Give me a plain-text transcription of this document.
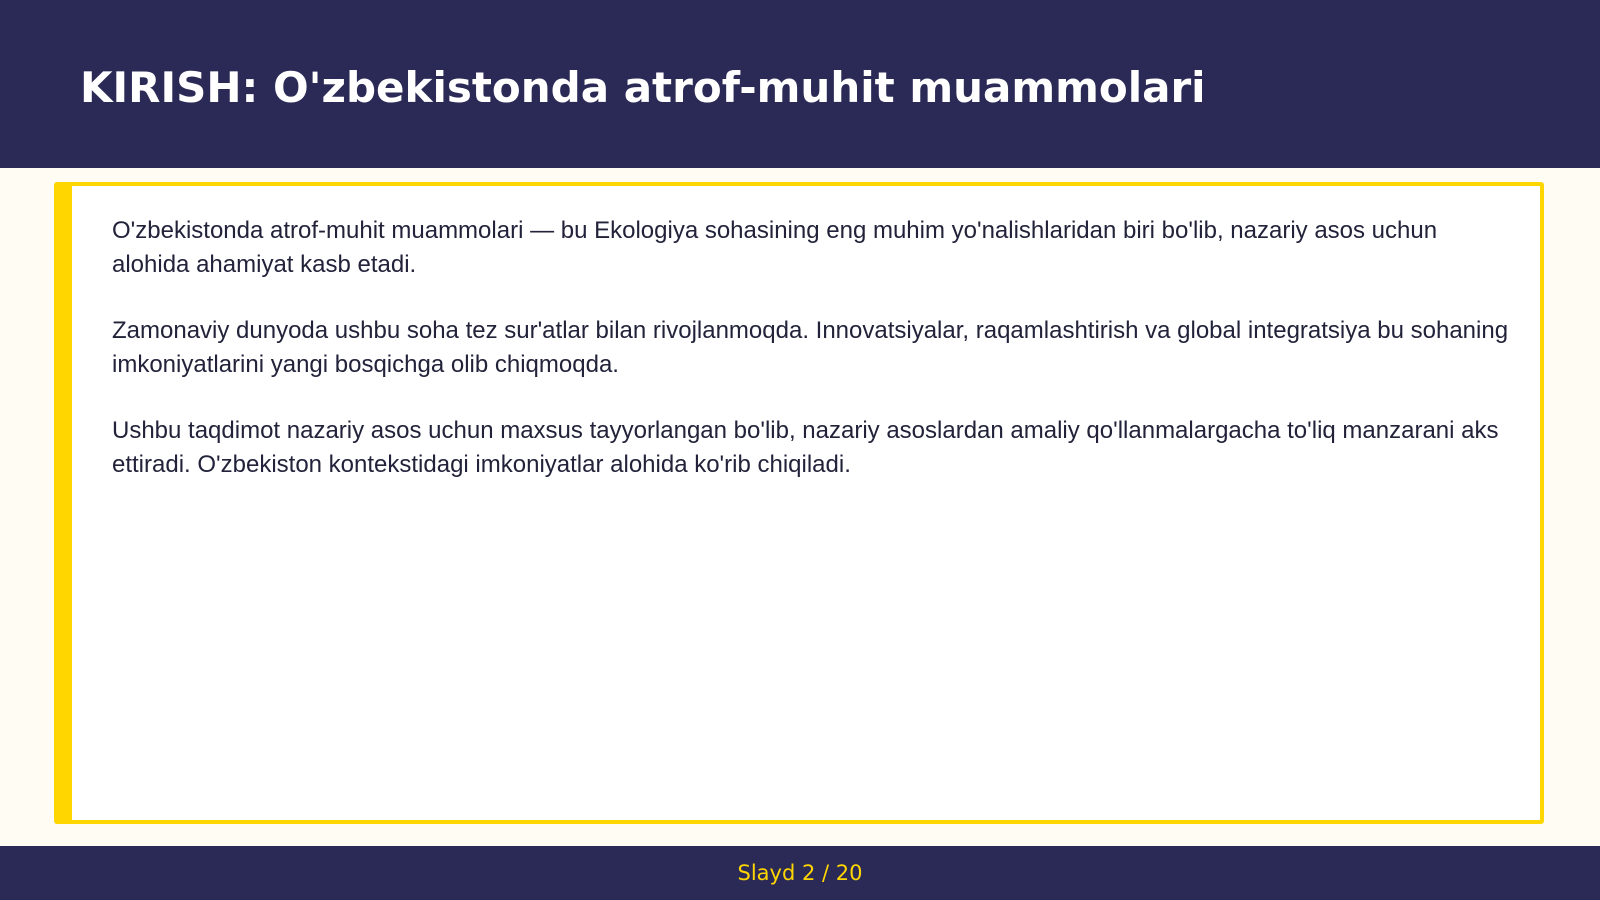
KIRISH: O'zbekistonda atrof-muhit muammolari

O'zbekistonda atrof-muhit muammolari — bu Ekologiya sohasining eng muhim yo'nalishlaridan biri bo'lib, nazariy asos uchun alohida ahamiyat kasb etadi.

Zamonaviy dunyoda ushbu soha tez sur'atlar bilan rivojlanmoqda. Innovatsiyalar, raqamlashtirish va global integratsiya bu sohaning imkoniyatlarini yangi bosqichga olib chiqmoqda.

Ushbu taqdimot nazariy asos uchun maxsus tayyorlangan bo'lib, nazariy asoslardan amaliy qo'llanmalargacha to'liq manzarani aks ettiradi. O'zbekiston kontekstidagi imkoniyatlar alohida ko'rib chiqiladi.

Slayd 2 / 20
